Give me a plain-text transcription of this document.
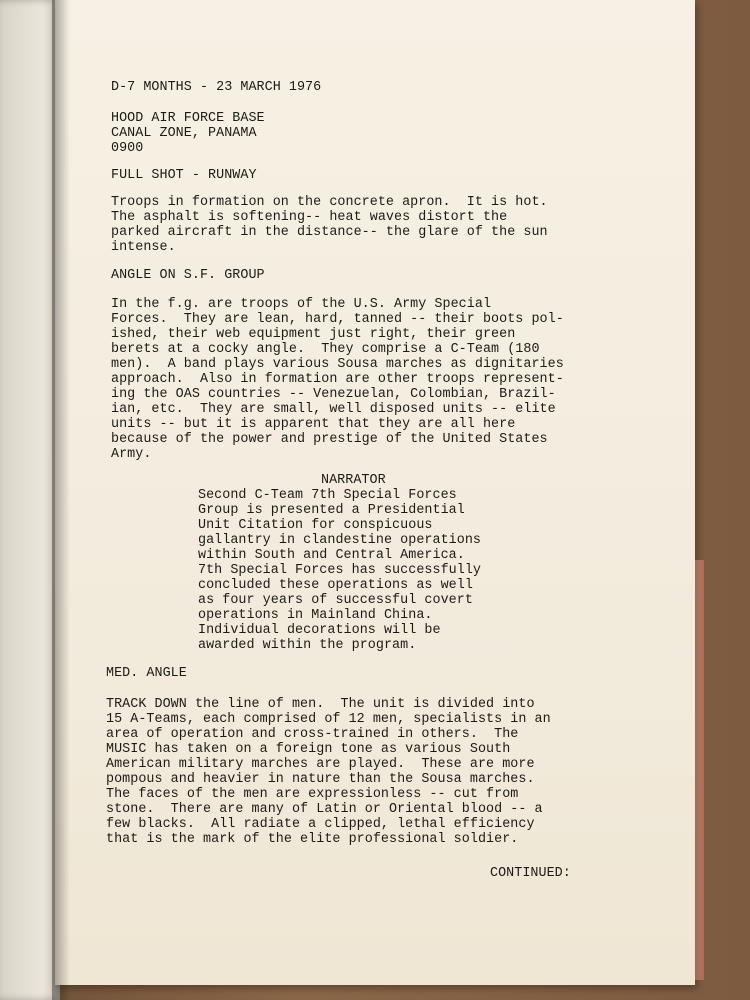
D-7 MONTHS - 23 MARCH 1976
HOOD AIR FORCE BASE
CANAL ZONE, PANAMA
0900
FULL SHOT - RUNWAY
Troops in formation on the concrete apron.  It is hot.
The asphalt is softening-- heat waves distort the
parked aircraft in the distance-- the glare of the sun
intense.
ANGLE ON S.F. GROUP
In the f.g. are troops of the U.S. Army Special
Forces.  They are lean, hard, tanned -- their boots pol-
ished, their web equipment just right, their green
berets at a cocky angle.  They comprise a C-Team (180
men).  A band plays various Sousa marches as dignitaries
approach.  Also in formation are other troops represent-
ing the OAS countries -- Venezuelan, Colombian, Brazil-
ian, etc.  They are small, well disposed units -- elite
units -- but it is apparent that they are all here
because of the power and prestige of the United States
Army.
NARRATOR
Second C-Team 7th Special Forces
Group is presented a Presidential
Unit Citation for conspicuous
gallantry in clandestine operations
within South and Central America.
7th Special Forces has successfully
concluded these operations as well
as four years of successful covert
operations in Mainland China.
Individual decorations will be
awarded within the program.
MED. ANGLE
TRACK DOWN the line of men.  The unit is divided into
15 A-Teams, each comprised of 12 men, specialists in an
area of operation and cross-trained in others.  The
MUSIC has taken on a foreign tone as various South
American military marches are played.  These are more
pompous and heavier in nature than the Sousa marches.
The faces of the men are expressionless -- cut from
stone.  There are many of Latin or Oriental blood -- a
few blacks.  All radiate a clipped, lethal efficiency
that is the mark of the elite professional soldier.
CONTINUED:
